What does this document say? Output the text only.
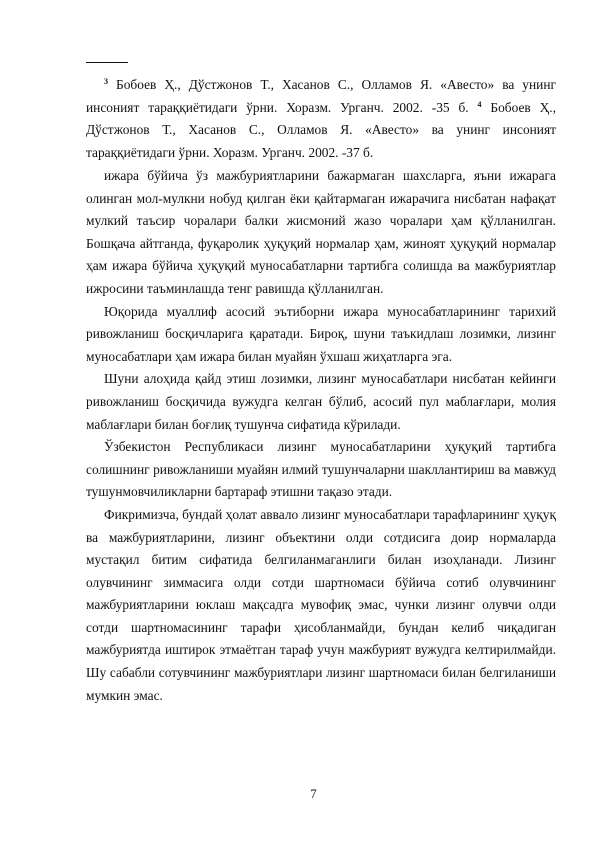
$^3$ Бобоев Ҳ., Дўстжонов Т., Хасанов С., Олламов Я. «Авесто» ва унинг инсоният тараққиётидаги ўрни. Хоразм. Урганч. 2002. -35 б. $^4$ Бобоев Ҳ., Дўстжонов Т., Хасанов С., Олламов Я. «Авесто» ва унинг инсоният тараққиётидаги ўрни. Хоразм. Урганч. 2002. -37 б.

ижара бўйича ўз мажбуриятларини бажармаган шахсларга, яъни ижарага олинган мол-мулкни нобуд қилган ёки қайтармаган ижарачига нисбатан нафақат мулкий таъсир чоралари балки жисмоний жазо чоралари ҳам қўлланилган. Бошқача айтганда, фуқаролик ҳуқуқий нормалар ҳам, жиноят ҳуқуқий нормалар ҳам ижара бўйича ҳуқуқий муносабатларни тартибга солишда ва мажбуриятлар ижросини таъминлашда тенг равишда қўлланилган.

Юқорида муаллиф асосий эътиборни ижара муносабатларининг тарихий ривожланиш босқичларига қаратади. Бироқ, шуни таъкидлаш лозимки, лизинг муносабатлари ҳам ижара билан муайян ўхшаш жиҳатларга эга.

Шуни алоҳида қайд этиш лозимки, лизинг муносабатлари нисбатан кейинги ривожланиш босқичида вужудга келган бўлиб, асосий пул маблағлари, молия маблағлари билан боғлиқ тушунча сифатида кўрилади.

Ўзбекистон Республикаси лизинг муносабатларини ҳуқуқий тартибга солишнинг ривожланиши муайян илмий тушунчаларни шакллантириш ва мавжуд тушунмовчиликларни бартараф этишни тақазо этади.

Фикримизча, бундай ҳолат аввало лизинг муносабатлари тарафларининг ҳуқуқ ва мажбуриятларини, лизинг объектини олди сотдисига доир нормаларда мустақил битим сифатида белгиланмаганлиги билан изоҳланади. Лизинг олувчининг зиммасига олди сотди шартномаси бўйича сотиб олувчининг мажбуриятларини юклаш мақсадга мувофиқ эмас, чунки лизинг олувчи олди сотди шартномасининг тарафи ҳисобланмайди, бундан келиб чиқадиган мажбуриятда иштирок этмаётган тараф учун мажбурият вужудга келтирилмайди. Шу сабабли сотувчининг мажбуриятлари лизинг шартномаси билан белгиланиши мумкин эмас.

7
